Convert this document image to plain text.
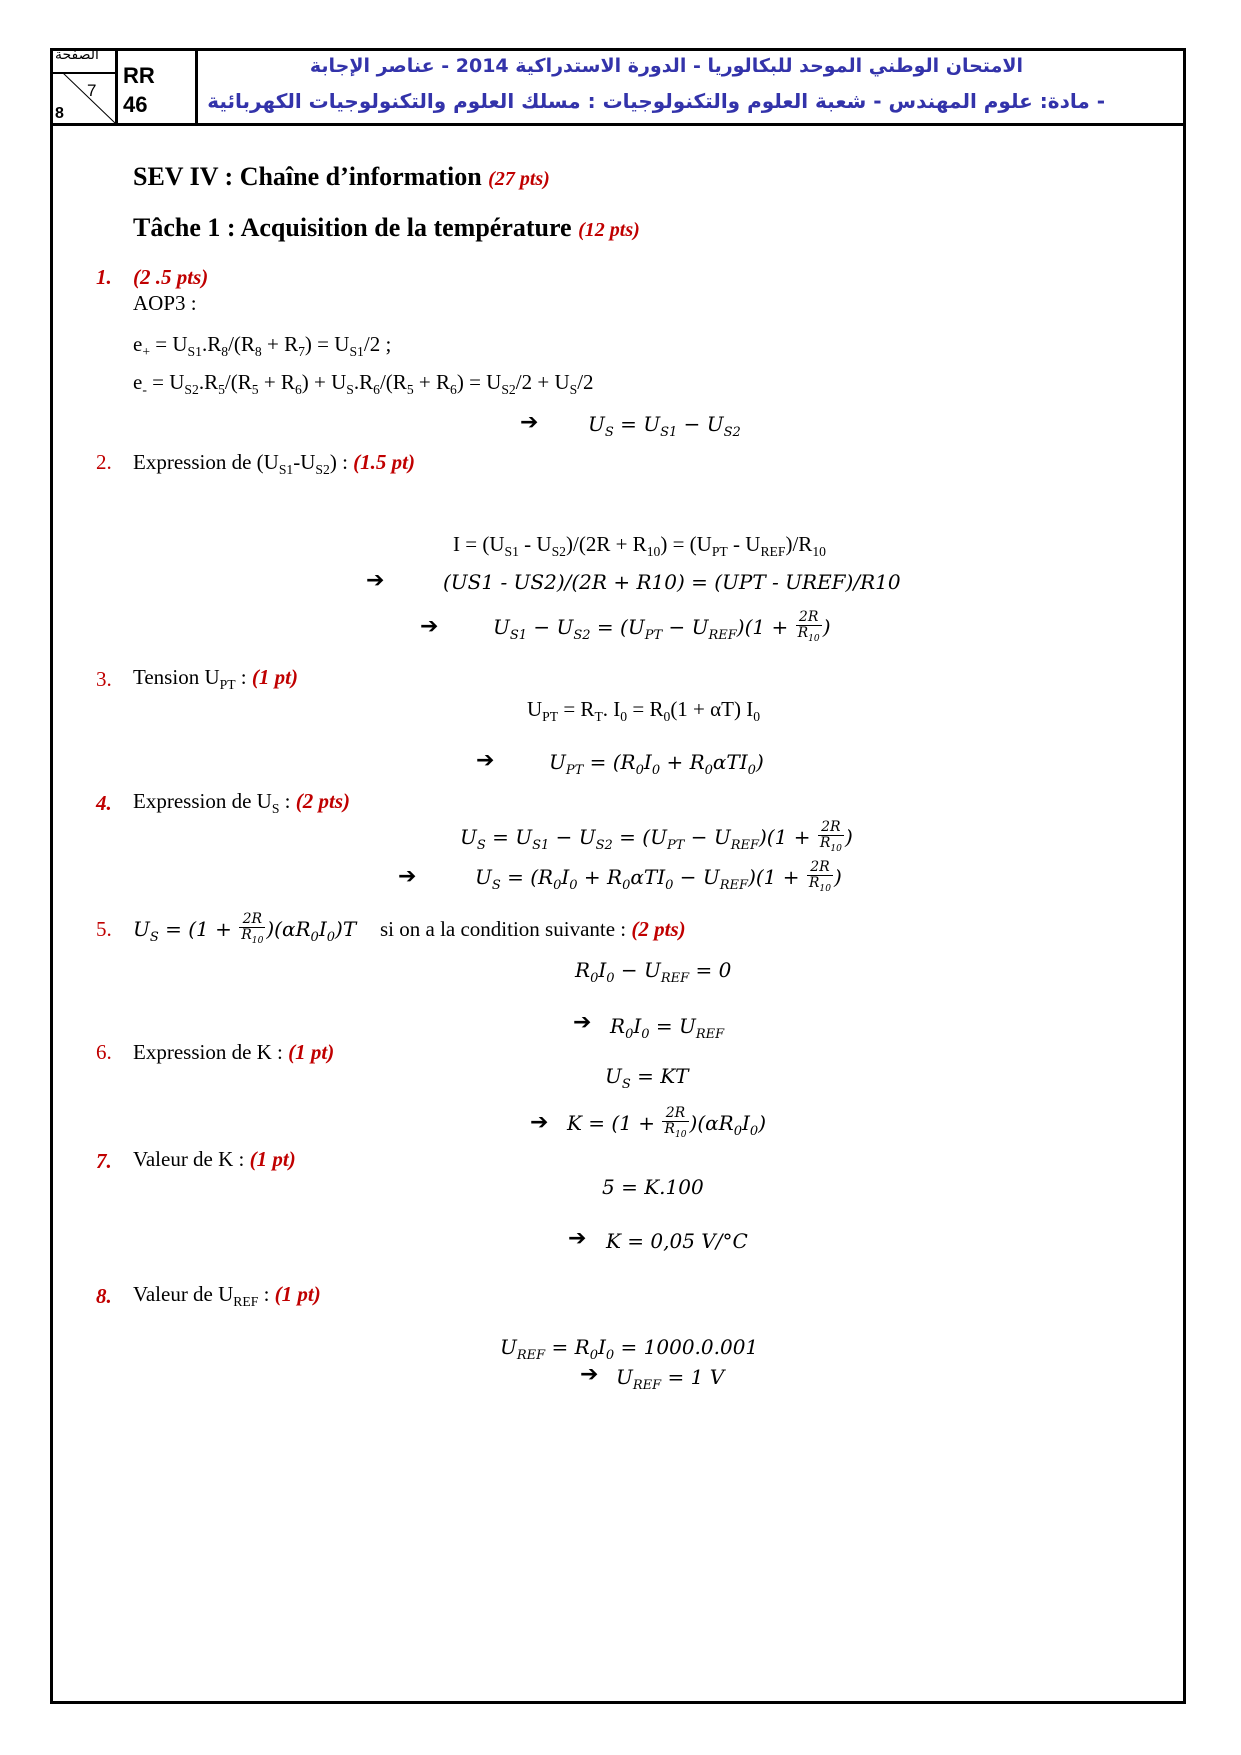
الصفحة
7
8
RR
46
الامتحان الوطني الموحد للبكالوريا - الدورة الاستدراكية 2014 - عناصر الإجابة
- مادة: علوم المهندس - شعبة العلوم والتكنولوجيات : مسلك العلوم والتكنولوجيات الكهربائية
SEV IV : Chaîne d’information (27 pts)
Tâche 1 : Acquisition de la température (12 pts)
1. (2 .5 pts)
AOP3 :
$e_+ = U_{S1}.R_8/(R_8 + R_7) = U_{S1}/2$ ;
$e_- = U_{S2}.R_5/(R_5 + R_6) + U_S.R_6/(R_5 + R_6) = U_{S2}/2 + U_S/2$
➔ $U_S = U_{S1} - U_{S2}$
2. Expression de $(U_{S1}-U_{S2})$ : (1.5 pt)
$I = (U_{S1} - U_{S2})/(2R + R_{10}) = (U_{PT} - U_{REF})/R_{10}$
➔	(US1 - US2)/(2R + R10) = (UPT - UREF)/R10
➔	$U_{S1} - U_{S2} = (U_{PT} - U_{REF})(1 + \frac{2R}{R_{10}}$ )
3. Tension $U_{PT}$ : (1 pt)
$U_{PT} = R_T$. $I_0 = R_0(1 + \alpha T)$ $I_0$
➔	$U_{PT} = (R_0I_0 + R_0\alpha TI_0)$
4. Expression de $U_S$ : (2 pts)
$U_S = U_{S1} - U_{S2} = (U_{PT} - U_{REF})(1 + \frac{2R}{R_{10}}$ )
➔	$U_S = (R_0I_0 + R_0\alpha TI_0 - U_{REF})(1 + \frac{2R}{R_{10}}$ )
5. $U_S = (1 + \frac{2R}{R_{10}} )(\alpha R_0I_0)T$ si on a la condition suivante : (2 pts)
$R_0I_0 - U_{REF} = 0$
➔ $R_0I_0 = U_{REF}$
6. Expression de K : (1 pt)
$U_S$ = KT
➔ $K = (1 + \frac{2R}{R_{10}} )(\alpha R_0I_0)$
7. Valeur de K : (1 pt)
5 = K.100
➔ K = 0,05 V/°C
8. Valeur de $U_{REF}$ : (1 pt)
$U_{REF} = R_0I_0 = 1000.0.001$
➔ $U_{REF} = 1$ V
